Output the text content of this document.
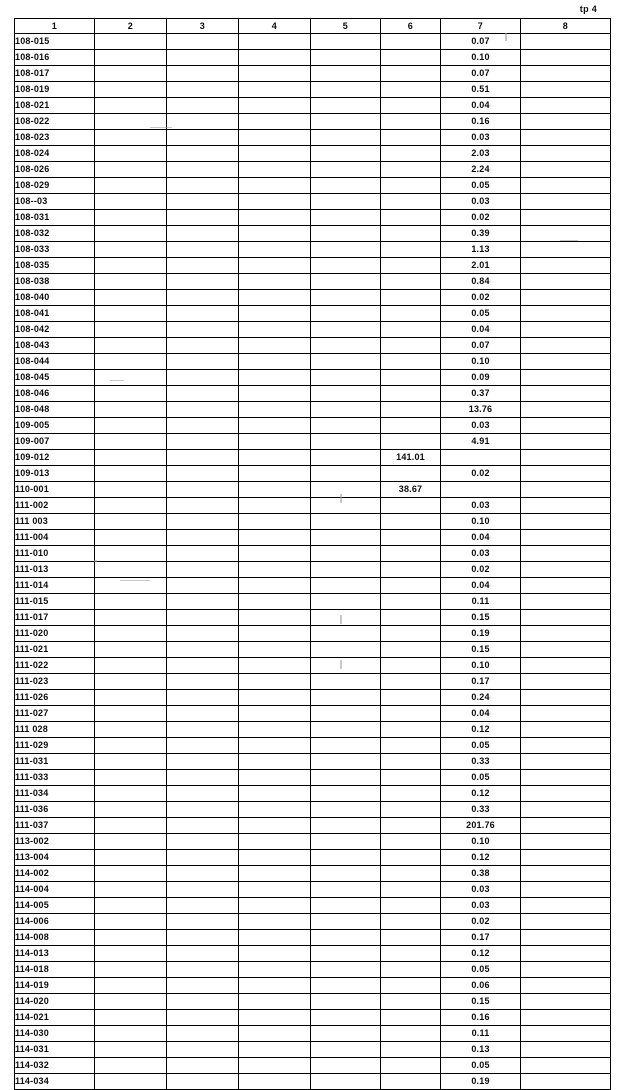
tp 4
1	2	3	4	5	6	7	8
108-015						0.07	
108-016						0.10	
108-017						0.07	
108-019						0.51	
108-021						0.04	
108-022						0.16	
108-023						0.03	
108-024						2.03	
108-026						2.24	
108-029						0.05	
108--03						0.03	
108-031						0.02	
108-032						0.39	
108-033						1.13	
108-035						2.01	
108-038						0.84	
108-040						0.02	
108-041						0.05	
108-042						0.04	
108-043						0.07	
108-044						0.10	
108-045						0.09	
108-046						0.37	
108-048						13.76	
109-005						0.03	
109-007						4.91	
109-012					141.01		
109-013						0.02	
110-001					38.67		
111-002						0.03	
111 003						0.10	
111-004						0.04	
111-010						0.03	
111-013						0.02	
111-014						0.04	
111-015						0.11	
111-017						0.15	
111-020						0.19	
111-021						0.15	
111-022						0.10	
111-023						0.17	
111-026						0.24	
111-027						0.04	
111 028						0.12	
111-029						0.05	
111-031						0.33	
111-033						0.05	
111-034						0.12	
111-036						0.33	
111-037						201.76	
113-002						0.10	
113-004						0.12	
114-002						0.38	
114-004						0.03	
114-005						0.03	
114-006						0.02	
114-008						0.17	
114-013						0.12	
114-018						0.05	
114-019						0.06	
114-020						0.15	
114-021						0.16	
114-030						0.11	
114-031						0.13	
114-032						0.05	
114-034						0.19	
